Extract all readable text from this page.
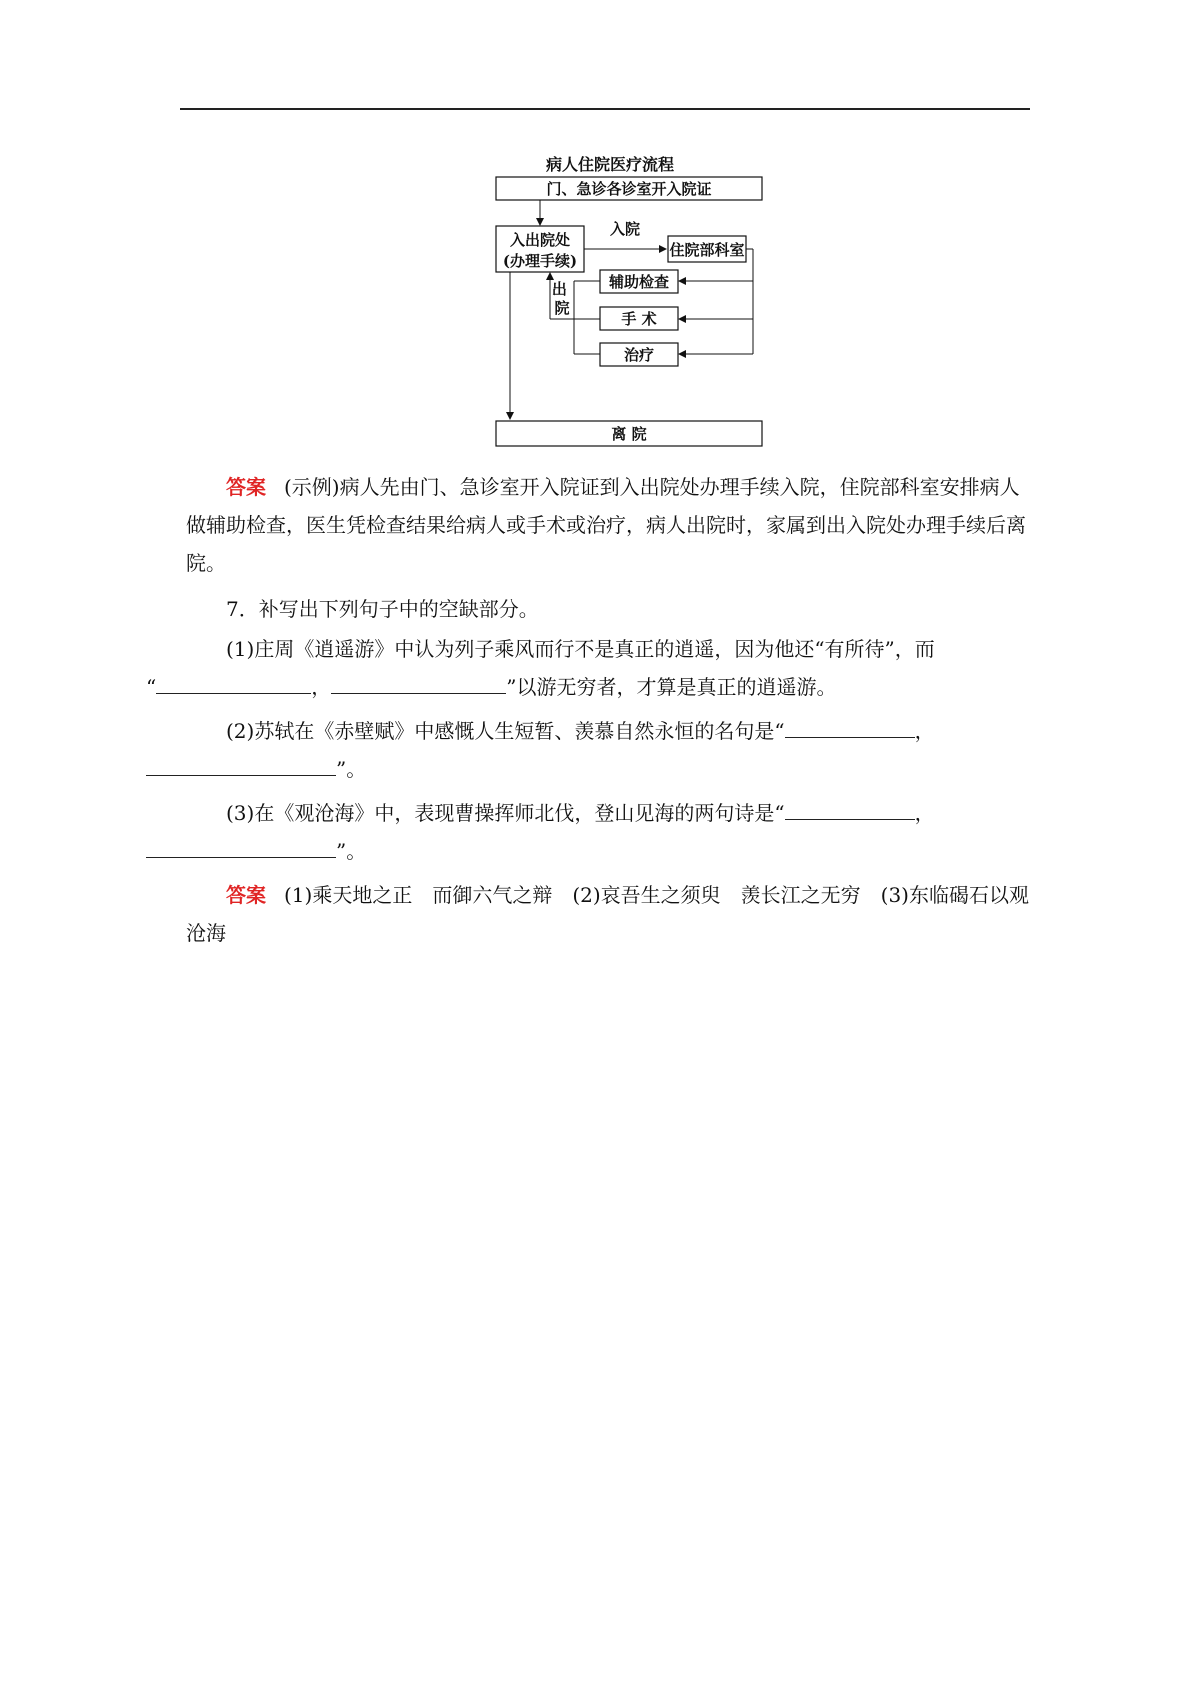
病人住院医疗流程
门、急诊各诊室开入院证
入出院处
(办理手续)
入院
住院部科室
辅助检查
手 术
治疗
出 院
离 院
答案 (示例)病人先由门、急诊室开入院证到入出院处办理手续入院，住院部科室安排病人做辅助检查，医生凭检查结果给病人或手术或治疗，病人出院时，家属到出入院处办理手续后离院。
7．补写出下列句子中的空缺部分。
(1)庄周《逍遥游》中认为列子乘风而行不是真正的逍遥，因为他还“有所待”，而
“	，	”以游无穷者，才算是真正的逍遥游。
(2)苏轼在《赤壁赋》中感慨人生短暂、羡慕自然永恒的名句是“	，
”。
(3)在《观沧海》中，表现曹操挥师北伐，登山见海的两句诗是“	，
”。
答案 (1)乘天地之正　而御六气之辩　(2)哀吾生之须臾　羡长江之无穷　(3)东临碣石以观沧海
